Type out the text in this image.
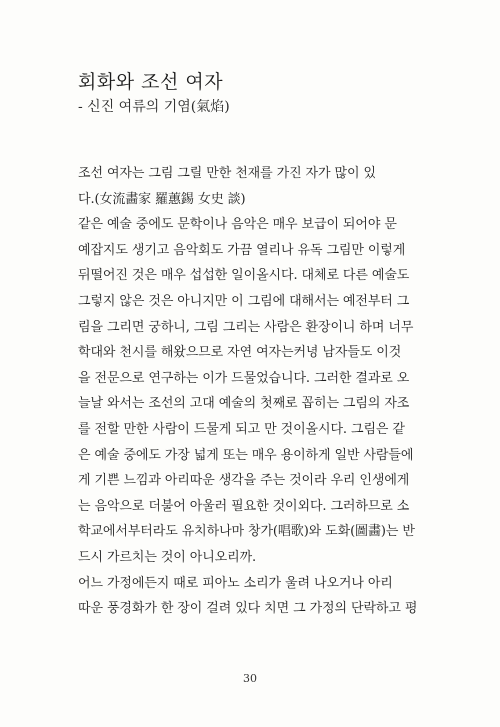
회화와 조선 여자
- 신진 여류의 기염(氣焰)
조선 여자는 그림 그릴 만한 천재를 가진 자가 많이 있
다.(女流畵家 羅蕙錫 女史 談)
같은 예술 중에도 문학이나 음악은 매우 보급이 되어야 문
예잡지도 생기고 음악회도 가끔 열리나 유독 그림만 이렇게
뒤떨어진 것은 매우 섭섭한 일이올시다. 대체로 다른 예술도
그렇지 않은 것은 아니지만 이 그림에 대해서는 예전부터 그
림을 그리면 궁하니, 그림 그리는 사람은 환장이니 하며 너무
학대와 천시를 해왔으므로 자연 여자는커녕 남자들도 이것
을 전문으로 연구하는 이가 드물었습니다. 그러한 결과로 오
늘날 와서는 조선의 고대 예술의 첫째로 꼽히는 그림의 자조
를 전할 만한 사람이 드물게 되고 만 것이올시다. 그림은 같
은 예술 중에도 가장 넓게 또는 매우 용이하게 일반 사람들에
게 기쁜 느낌과 아리따운 생각을 주는 것이라 우리 인생에게
는 음악으로 더불어 아울러 필요한 것이외다. 그러하므로 소
학교에서부터라도 유치하나마 창가(唱歌)와 도화(圖畵)는 반
드시 가르치는 것이 아니오리까.
어느 가정에든지 때로 피아노 소리가 울려 나오거나 아리
따운 풍경화가 한 장이 걸려 있다 치면 그 가정의 단락하고 평
30
